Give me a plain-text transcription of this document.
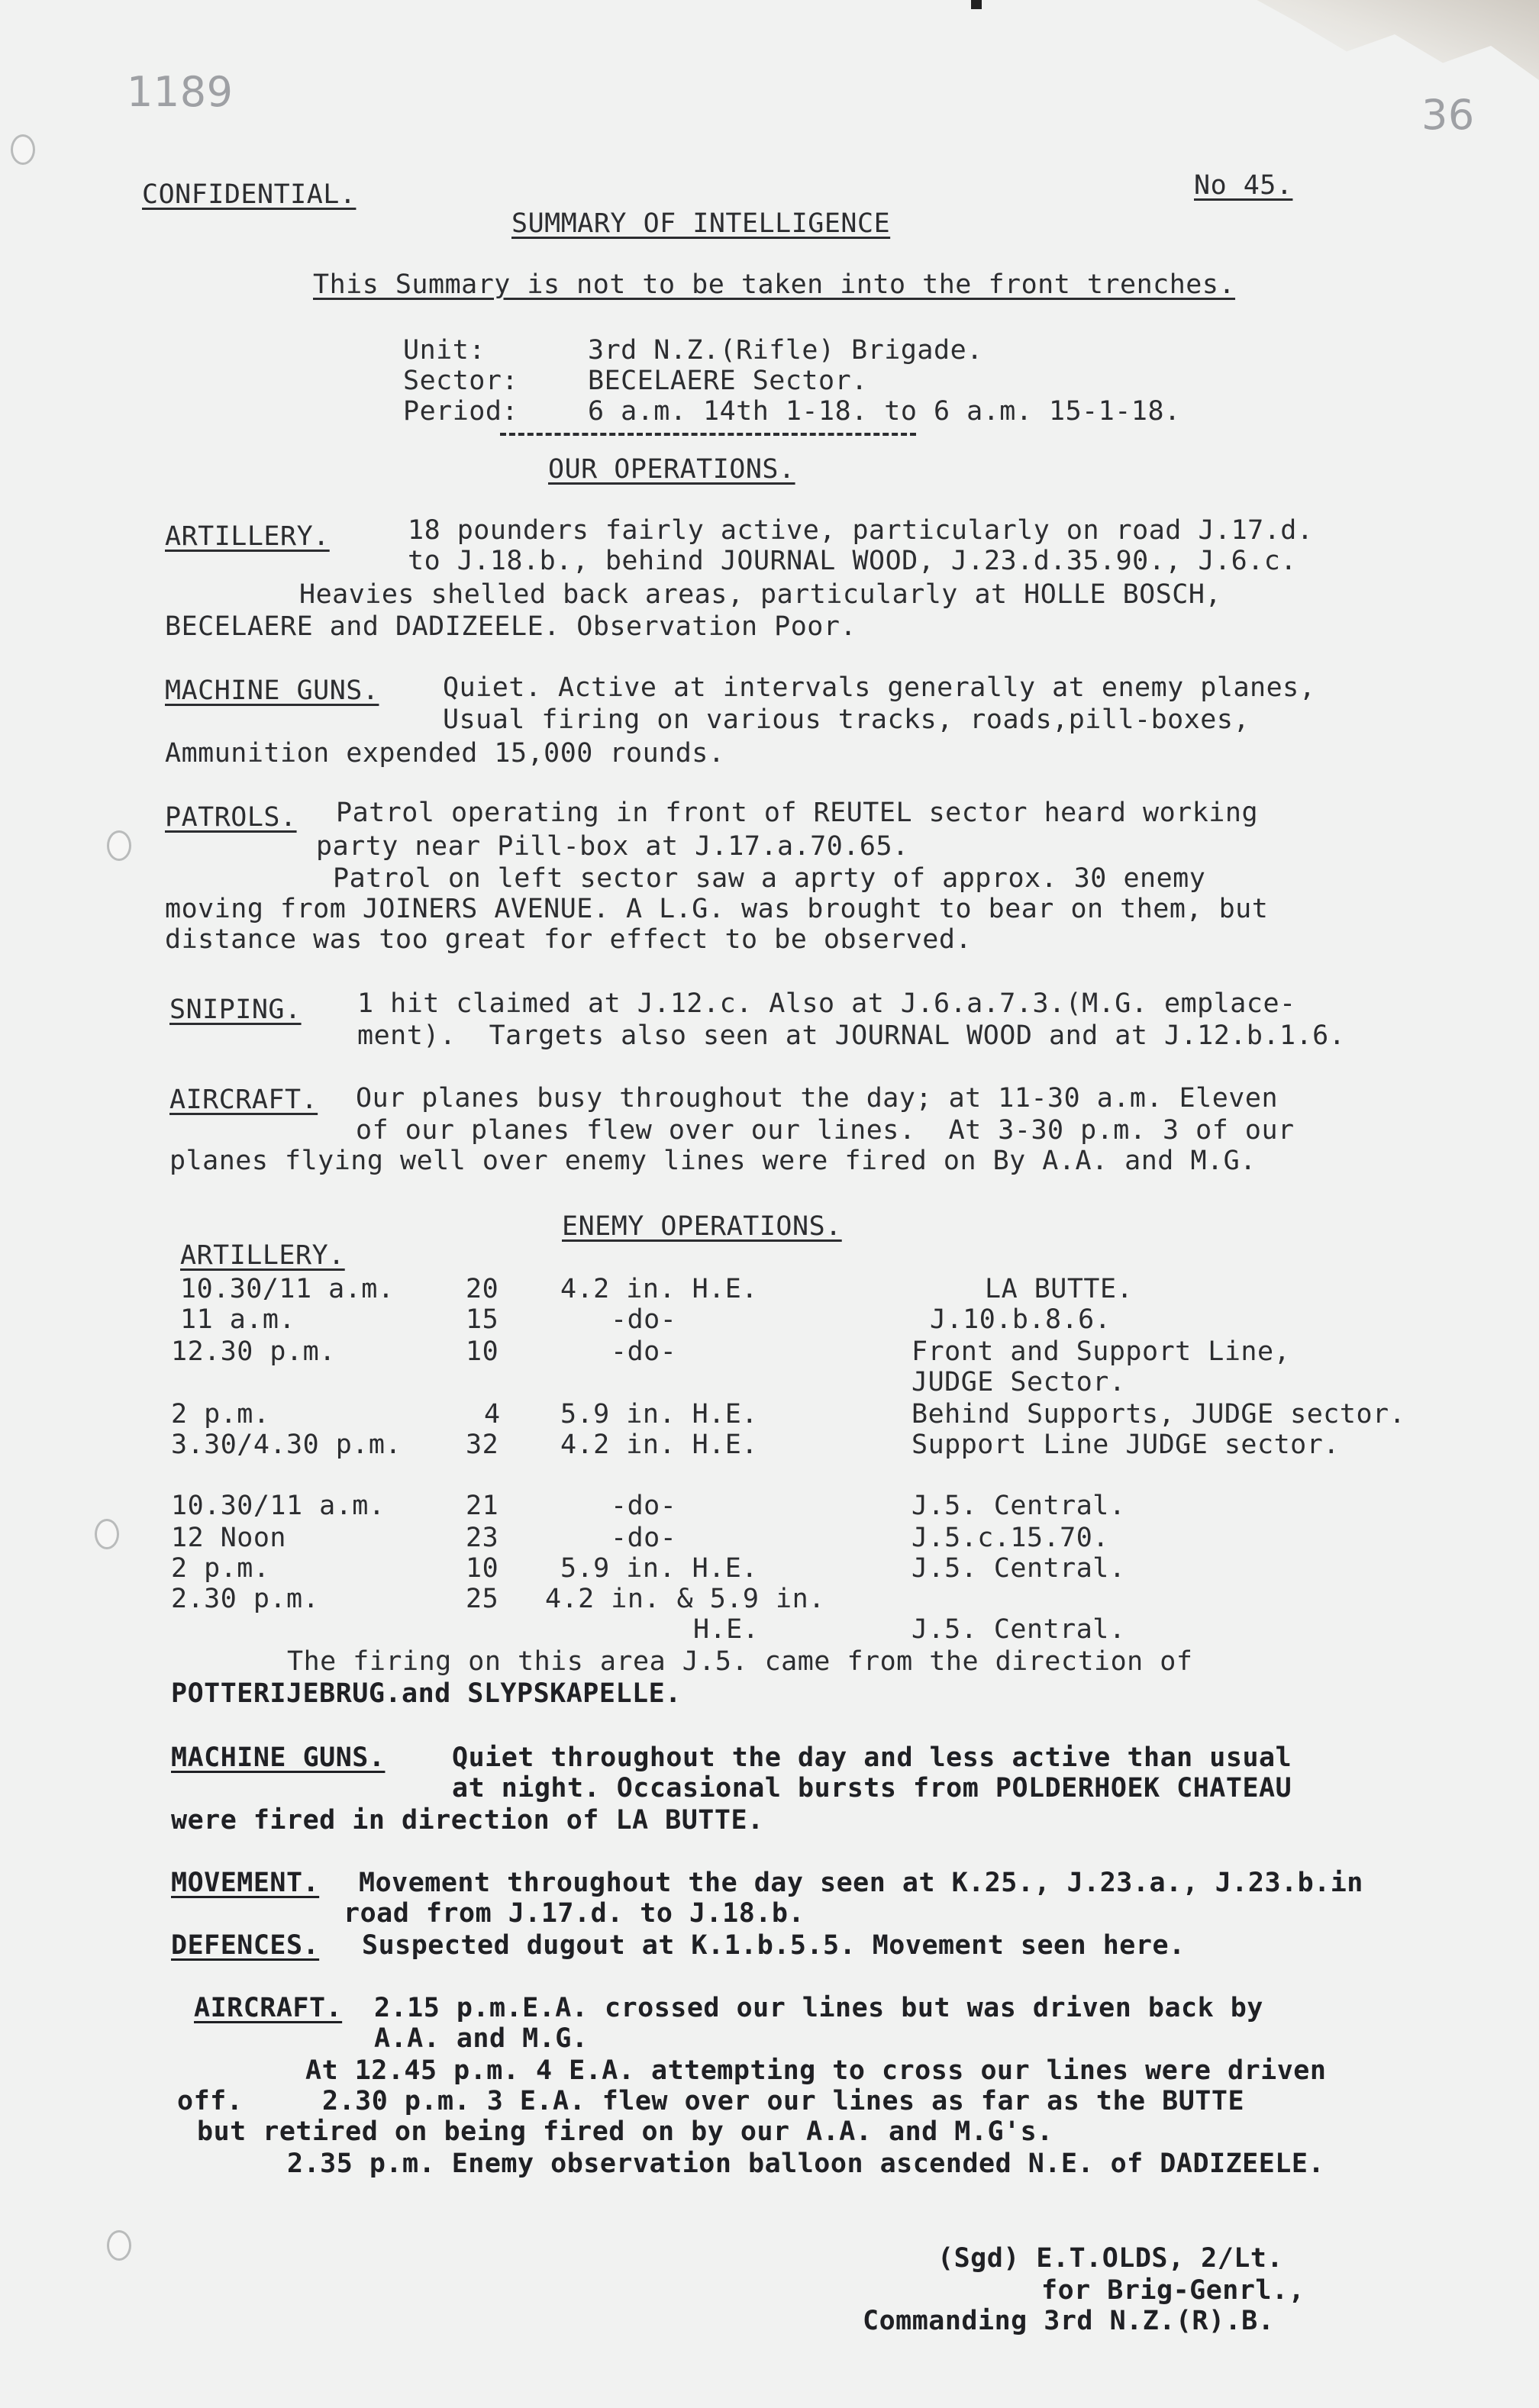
1189	36
CONFIDENTIAL.	No 45.
SUMMARY OF INTELLIGENCE
This Summary is not to be taken into the front trenches.
Unit:	3rd N.Z.(Rifle) Brigade.
Sector:	BECELAERE Sector.
Period:	6 a.m. 14th 1-18. to 6 a.m. 15-1-18.
OUR OPERATIONS.
ARTILLERY.	18 pounders fairly active, particularly on road J.17.d.
to J.18.b., behind JOURNAL WOOD, J.23.d.35.90., J.6.c.
Heavies shelled back areas, particularly at HOLLE BOSCH,
BECELAERE and DADIZEELE. Observation Poor.
MACHINE GUNS. Quiet. Active at intervals generally at enemy planes,
Usual firing on various tracks, roads,pill-boxes,
Ammunition expended 15,000 rounds.
PATROLS. Patrol operating in front of REUTEL sector heard working
party near Pill-box at J.17.a.70.65.
Patrol on left sector saw a aprty of approx. 30 enemy
moving from JOINERS AVENUE. A L.G. was brought to bear on them, but
distance was too great for effect to be observed.
SNIPING. 1 hit claimed at J.12.c. Also at J.6.a.7.3.(M.G. emplace-
ment).  Targets also seen at JOURNAL WOOD and at J.12.b.1.6.
AIRCRAFT. Our planes busy throughout the day; at 11-30 a.m. Eleven
of our planes flew over our lines.  At 3-30 p.m. 3 of our
planes flying well over enemy lines were fired on By A.A. and M.G.
ENEMY OPERATIONS.
ARTILLERY.
10.30/11 a.m.	20 4.2 in. H.E.	LA BUTTE.
11 a.m.	15	-do-	J.10.b.8.6.
12.30 p.m.	10	-do-	Front and Support Line,
JUDGE Sector.
2 p.m.	4 5.9 in. H.E.	Behind Supports, JUDGE sector.
3.30/4.30 p.m. 32 4.2 in. H.E.	Support Line JUDGE sector.
10.30/11 a.m.	21	-do-	J.5. Central.
12 Noon	23	-do-	J.5.c.15.70.
2 p.m.	10 5.9 in. H.E.	J.5. Central.
2.30 p.m.	25 4.2 in. & 5.9 in.
H.E.	J.5. Central.
The firing on this area J.5. came from the direction of
POTTERIJEBRUG.and SLYPSKAPELLE.
MACHINE GUNS.	Quiet throughout the day and less active than usual
at night. Occasional bursts from POLDERHOEK CHATEAU
were fired in direction of LA BUTTE.
MOVEMENT. Movement throughout the day seen at K.25., J.23.a., J.23.b.in
road from J.17.d. to J.18.b.
DEFENCES. Suspected dugout at K.1.b.5.5. Movement seen here.
AIRCRAFT. 2.15 p.m.E.A. crossed our lines but was driven back by
A.A. and M.G.
At 12.45 p.m. 4 E.A. attempting to cross our lines were driven
off.	2.30 p.m. 3 E.A. flew over our lines as far as the BUTTE
but retired on being fired on by our A.A. and M.G's.
2.35 p.m. Enemy observation balloon ascended N.E. of DADIZEELE.
(Sgd) E.T.OLDS, 2/Lt.
for Brig-Genrl.,
Commanding 3rd N.Z.(R).B.
